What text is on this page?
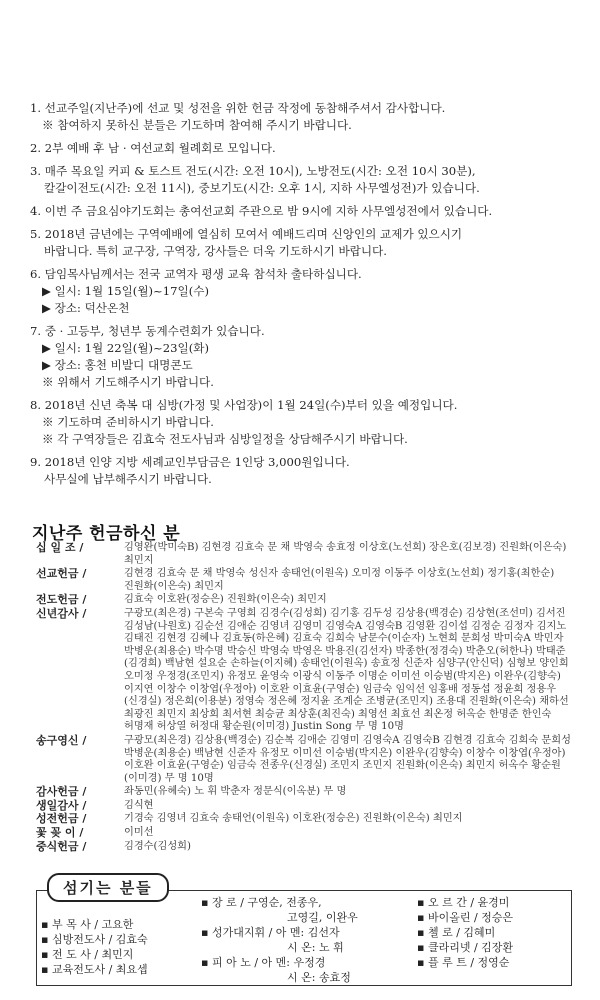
1. 선교주일(지난주)에 선교 및 성전을 위한 헌금 작정에 동참해주셔서 감사합니다.
※ 참여하지 못하신 분들은 기도하며 참여해 주시기 바랍니다.
2. 2부 예배 후 남 · 여선교회 월례회로 모입니다.
3. 매주 목요일 커피 & 토스트 전도(시간: 오전 10시), 노방전도(시간: 오전 10시 30분),
칼갈이전도(시간: 오전 11시), 중보기도(시간: 오후 1시, 지하 사무엘성전)가 있습니다.
4. 이번 주 금요심야기도회는 총여선교회 주관으로 밤 9시에 지하 사무엘성전에서 있습니다.
5. 2018년 금년에는 구역예배에 열심히 모여서 예배드리며 신앙인의 교제가 있으시기
바랍니다. 특히 교구장, 구역장, 강사들은 더욱 기도하시기 바랍니다.
6. 담임목사님께서는 전국 교역자 평생 교육 참석차 출타하십니다.
▶ 일시: 1월 15일(월)~17일(수)
▶ 장소: 덕산온천
7. 중 · 고등부, 청년부 동계수련회가 있습니다.
▶ 일시: 1월 22일(월)~23일(화)
▶ 장소: 홍천 비발디 대명콘도
※ 위해서 기도해주시기 바랍니다.
8. 2018년 신년 축복 대 심방(가정 및 사업장)이 1월 24일(수)부터 있을 예정입니다.
※ 기도하며 준비하시기 바랍니다.
※ 각 구역장들은 김효숙 전도사님과 심방일정을 상담해주시기 바랍니다.
9. 2018년 인양 지방 세례교인부담금은 1인당 3,000원입니다.
사무실에 납부해주시기 바랍니다.
지난주 헌금하신 분
십 일 조 /	김영완(박미숙B) 김현경 김효숙 문 채 박영숙 송효정 이상호(노선희) 장은호(김보경) 진원화(이은숙) 최민지
선교헌금 /	김현경 김효숙 문 채 박영숙 성신자 송태언(이원옥) 오미정 이동주 이상호(노선희) 정기홍(최한순) 진원화(이은숙) 최민지
전도헌금 /	김효숙 이호완(정승은) 진원화(이은숙) 최민지
신년감사 /	구광모(최은경) 구본숙 구영희 김경수(김성희) 김기홍 김두성 김상용(백경순) 김상현(조선미) 김서진 김성남(나원호) 김순선 김애순 김영녀 김영미 김영숙A 김영숙B 김영환 김이섭 김정순 김정자 김지노 김태진 김현경 김혜나 김효동(하은혜) 김효숙 김희숙 남문수(이순자) 노현희 문희성 박미숙A 박민자 박병운(최용순) 박수명 박승신 박영숙 박영은 박용진(김선자) 박종한(정경숙) 박춘오(허한나) 박태준(김경희) 백남현 설요순 손하늘(이지혜) 송태언(이원옥) 송효정 신준자 심양구(안신덕) 심형보 양인희 오미정 우정경(조민지) 유정모 윤영숙 이광식 이동주 이명순 이미선 이승범(박지은) 이완우(김향숙) 이지연 이창수 이창엽(우정아) 이호완 이효윤(구영순) 임금숙 임익선 임홍배 정동섭 정윤희 정용우(신경실) 정은희(이용분) 정영숙 정은혜 정지윤 조계순 조병균(조민지) 조용대 진원화(이은숙) 채하선 최광진 최민지 최상희 최서현 최승균 최상훈(최진숙) 최영선 최효선 최온정 허옥순 한명준 한인숙 허명재 허상열 허정대 황순원(이미경) Justin Song 무 명 10명
송구영신 /	구광모(최은경) 김상용(백경순) 김순복 김애순 김영미 김영숙A 김영숙B 김현경 김효숙 김희숙 문희성 박병운(최용순) 백남현 신준자 유정모 이미선 이승범(박지은) 이완우(김향숙) 이창수 이창엽(우정아) 이호완 이효윤(구영순) 임금숙 전종우(신경실) 조민지 조민지 진원화(이은숙) 최민지 허옥수 황순원(이미경) 무 명 10명
감사헌금 /	좌동민(유혜숙) 노 휘 박춘자 정문식(이옥분) 무 명
생일감사 /	김식현
성전헌금 /	기경숙 김영녀 김효숙 송태언(이원옥) 이호완(정승은) 진원화(이은숙) 최민지
꽃 꽂 이 /	이미선
중식헌금 /	김경수(김성희)
섬기는 분들
▪ 부 목 사 / 고요한
▪ 심방전도사 / 김효숙
▪ 전 도 사 / 최민지
▪ 교육전도사 / 최요셉
▪ 장 로 / 구영순, 전종우,
고영길, 이완우
▪ 성가대지휘 / 아 멘: 김선자
시 온: 노 휘
▪ 피 아 노 / 아 멘: 우정경
시 온: 송효정
▪ 오 르 간 / 윤경미
▪ 바이올린 / 정승은
▪ 첼 로 / 김혜미
▪ 클라리넷 / 김장환
▪ 플 루 트 / 정영순
